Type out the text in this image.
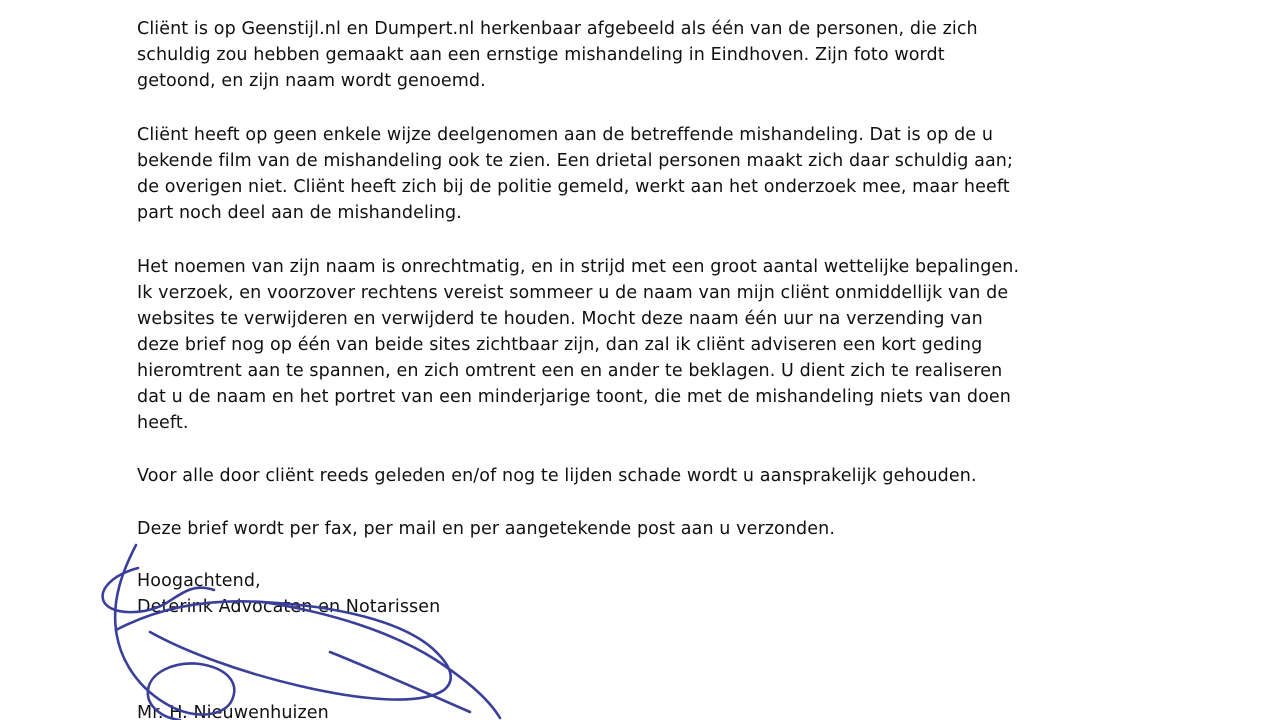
Cliënt is op Geenstijl.nl en Dumpert.nl herkenbaar afgebeeld als één van de personen, die zich
schuldig zou hebben gemaakt aan een ernstige mishandeling in Eindhoven. Zijn foto wordt
getoond, en zijn naam wordt genoemd.

Cliënt heeft op geen enkele wijze deelgenomen aan de betreffende mishandeling. Dat is op de u
bekende film van de mishandeling ook te zien. Een drietal personen maakt zich daar schuldig aan;
de overigen niet. Cliënt heeft zich bij de politie gemeld, werkt aan het onderzoek mee, maar heeft
part noch deel aan de mishandeling.

Het noemen van zijn naam is onrechtmatig, en in strijd met een groot aantal wettelijke bepalingen.
Ik verzoek, en voorzover rechtens vereist sommeer u de naam van mijn cliënt onmiddellijk van de
websites te verwijderen en verwijderd te houden. Mocht deze naam één uur na verzending van
deze brief nog op één van beide sites zichtbaar zijn, dan zal ik cliënt adviseren een kort geding
hieromtrent aan te spannen, en zich omtrent een en ander te beklagen. U dient zich te realiseren
dat u de naam en het portret van een minderjarige toont, die met de mishandeling niets van doen
heeft.

Voor alle door cliënt reeds geleden en/of nog te lijden schade wordt u aansprakelijk gehouden.

Deze brief wordt per fax, per mail en per aangetekende post aan u verzonden.

Hoogachtend,
Deterink Advocaten en Notarissen

Mr. H. Nieuwenhuizen
